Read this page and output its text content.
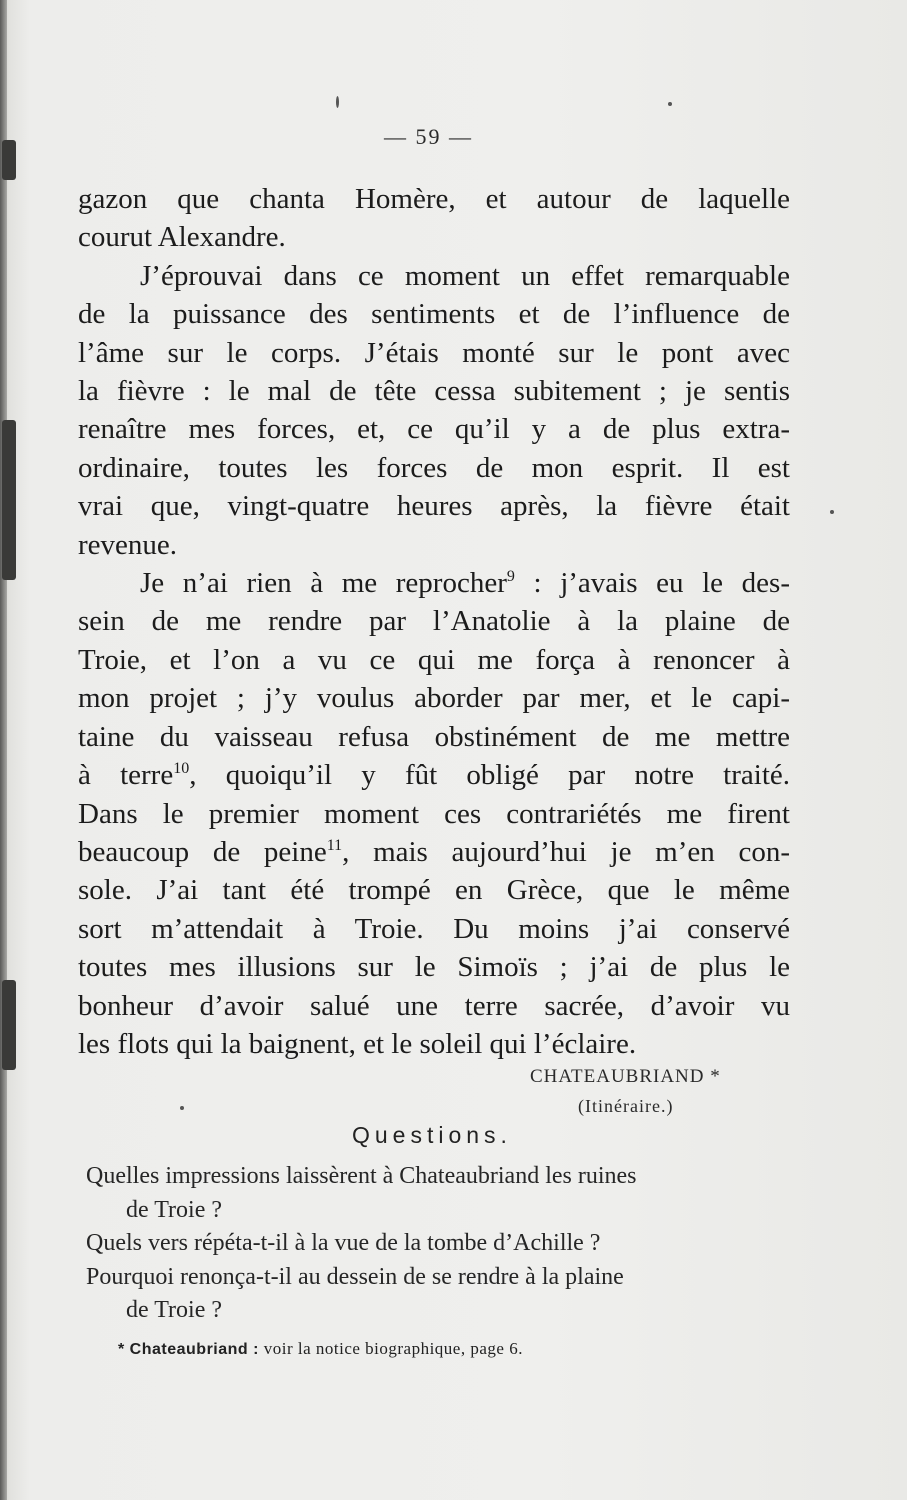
— 59 —
gazon que chanta Homère, et autour de laquelle
courut Alexandre.
J’éprouvai dans ce moment un effet remarquable
de la puissance des sentiments et de l’influence de
l’âme sur le corps. J’étais monté sur le pont avec
la fièvre : le mal de tête cessa subitement ; je sentis
renaître mes forces, et, ce qu’il y a de plus extra-
ordinaire, toutes les forces de mon esprit. Il est
vrai que, vingt-quatre heures après, la fièvre était
revenue.
Je n’ai rien à me reprocher$^9$ : j’avais eu le des-
sein de me rendre par l’Anatolie à la plaine de
Troie, et l’on a vu ce qui me força à renoncer à
mon projet ; j’y voulus aborder par mer, et le capi-
taine du vaisseau refusa obstinément de me mettre
à terre$^{10}$, quoiqu’il y fût obligé par notre traité.
Dans le premier moment ces contrariétés me firent
beaucoup de peine$^{11}$, mais aujourd’hui je m’en con-
sole. J’ai tant été trompé en Grèce, que le même
sort m’attendait à Troie. Du moins j’ai conservé
toutes mes illusions sur le Simoïs ; j’ai de plus le
bonheur d’avoir salué une terre sacrée, d’avoir vu
les flots qui la baignent, et le soleil qui l’éclaire.
CHATEAUBRIAND *
(Itinéraire.)
Questions.
Quelles impressions laissèrent à Chateaubriand les ruines
de Troie ?
Quels vers répéta-t-il à la vue de la tombe d’Achille ?
Pourquoi renonça-t-il au dessein de se rendre à la plaine
de Troie ?
* Chateaubriand : voir la notice biographique, page 6.
